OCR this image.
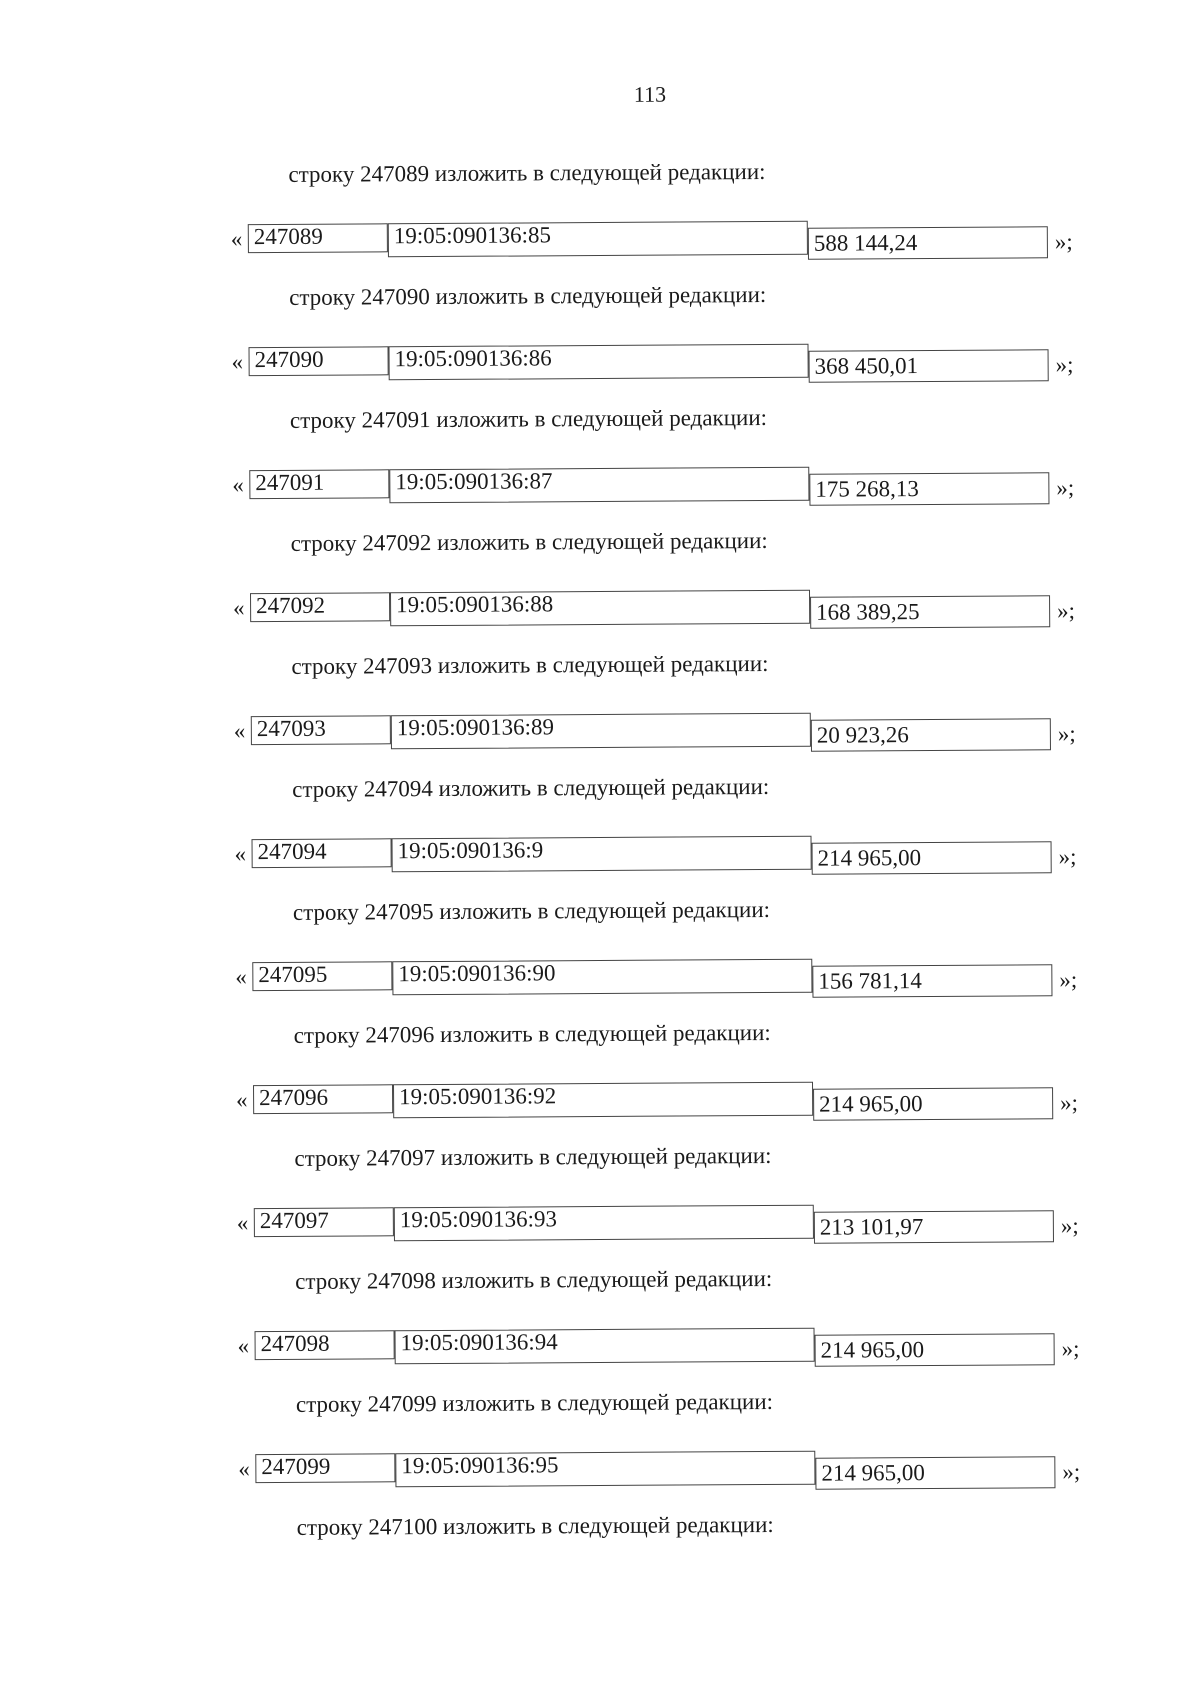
113
строку 247089 изложить в следующей редакции:
« 247089	19:05:090136:85	588 144,24	»;
строку 247090 изложить в следующей редакции:
« 247090	19:05:090136:86	368 450,01	»;
строку 247091 изложить в следующей редакции:
« 247091	19:05:090136:87	175 268,13	»;
строку 247092 изложить в следующей редакции:
« 247092	19:05:090136:88	168 389,25	»;
строку 247093 изложить в следующей редакции:
« 247093	19:05:090136:89	20 923,26	»;
строку 247094 изложить в следующей редакции:
« 247094	19:05:090136:9	214 965,00	»;
строку 247095 изложить в следующей редакции:
« 247095	19:05:090136:90	156 781,14	»;
строку 247096 изложить в следующей редакции:
« 247096	19:05:090136:92	214 965,00	»;
строку 247097 изложить в следующей редакции:
« 247097	19:05:090136:93	213 101,97	»;
строку 247098 изложить в следующей редакции:
« 247098	19:05:090136:94	214 965,00	»;
строку 247099 изложить в следующей редакции:
« 247099	19:05:090136:95	214 965,00	»;
строку 247100 изложить в следующей редакции:
